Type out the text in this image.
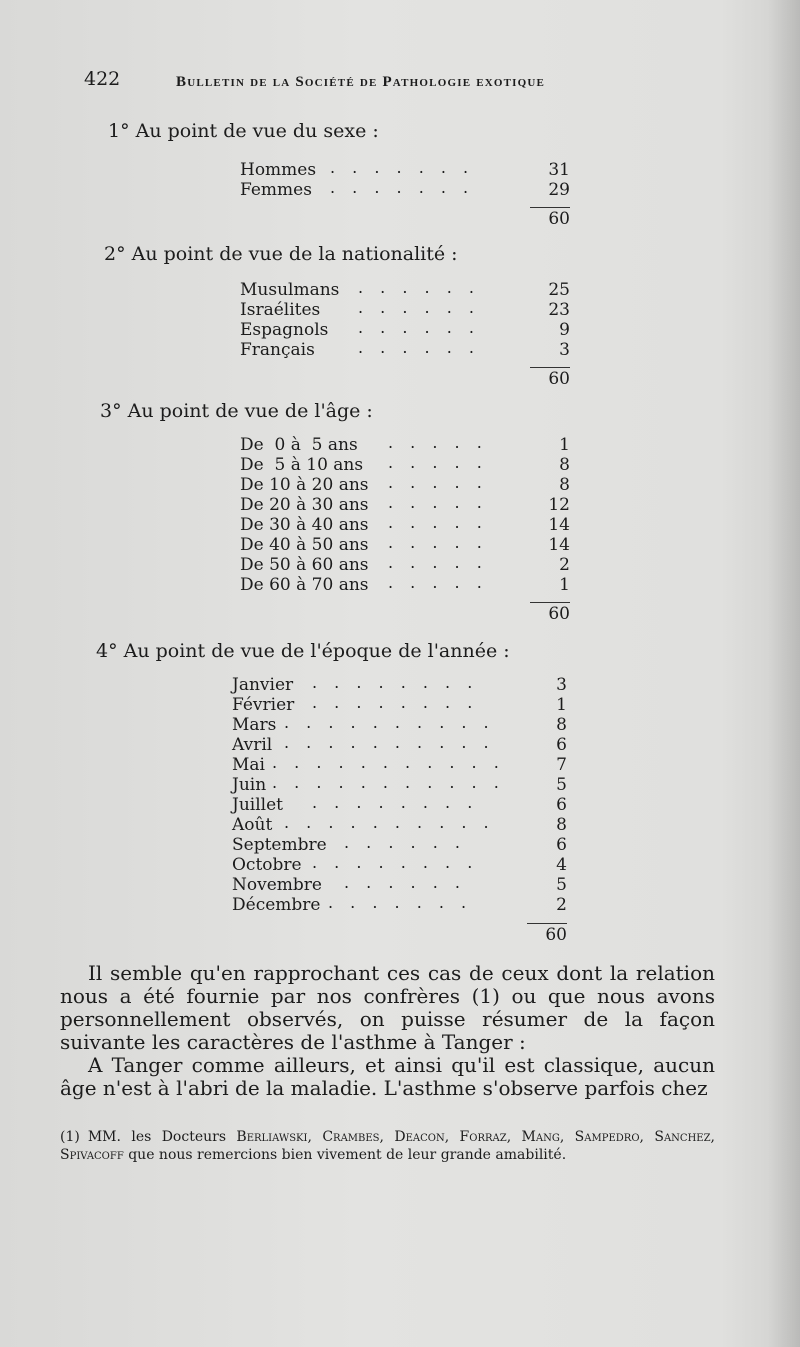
422	Bulletin de la Société de Pathologie exotique
1° Au point de vue du sexe :
Hommes . . . . . . .	31
Femmes . . . . . . .	29
60
2° Au point de vue de la nationalité :
Musulmans . . . . . .	25
Israélites . . . . . .	23
Espagnols . . . . . .	9
Français	. . . . . .	3
60
3° Au point de vue de l'âge :
De  0 à  5 ans . . . . .	1
De  5 à 10 ans . . . . .	8
De 10 à 20 ans . . . . .	8
De 20 à 30 ans . . . . .	12
De 30 à 40 ans . . . . .	14
De 40 à 50 ans . . . . .	14
De 50 à 60 ans . . . . .	2
De 60 à 70 ans . . . . .	1
60
4° Au point de vue de l'époque de l'année :
Janvier . . . . . . . .	3
Février . . . . . . . .	1
Mars . . . . . . . . . .	8
Avril . . . . . . . . . .	6
Mai . . . . . . . . . . .	7
Juin . . . . . . . . . . .	5
Juillet . . . . . . . .	6
Août . . . . . . . . . .	8
Septembre . . . . . .	6
Octobre . . . . . . . .	4
Novembre . . . . . .	5
Décembre . . . . . . .	2
60

Il semble qu'en rapprochant ces cas de ceux dont la relation nous a été fournie par nos confrères (1) ou que nous avons personnellement observés, on puisse résumer de la façon suivante les caractères de l'asthme à Tanger :

A Tanger comme ailleurs, et ainsi qu'il est classique, aucun âge n'est à l'abri de la maladie. L'asthme s'observe parfois chez

(1) MM. les Docteurs Berliawski, Crambes, Deacon, Forraz, Mang, Sampedro, Sanchez, Spivacoff que nous remercions bien vivement de leur grande amabilité.
